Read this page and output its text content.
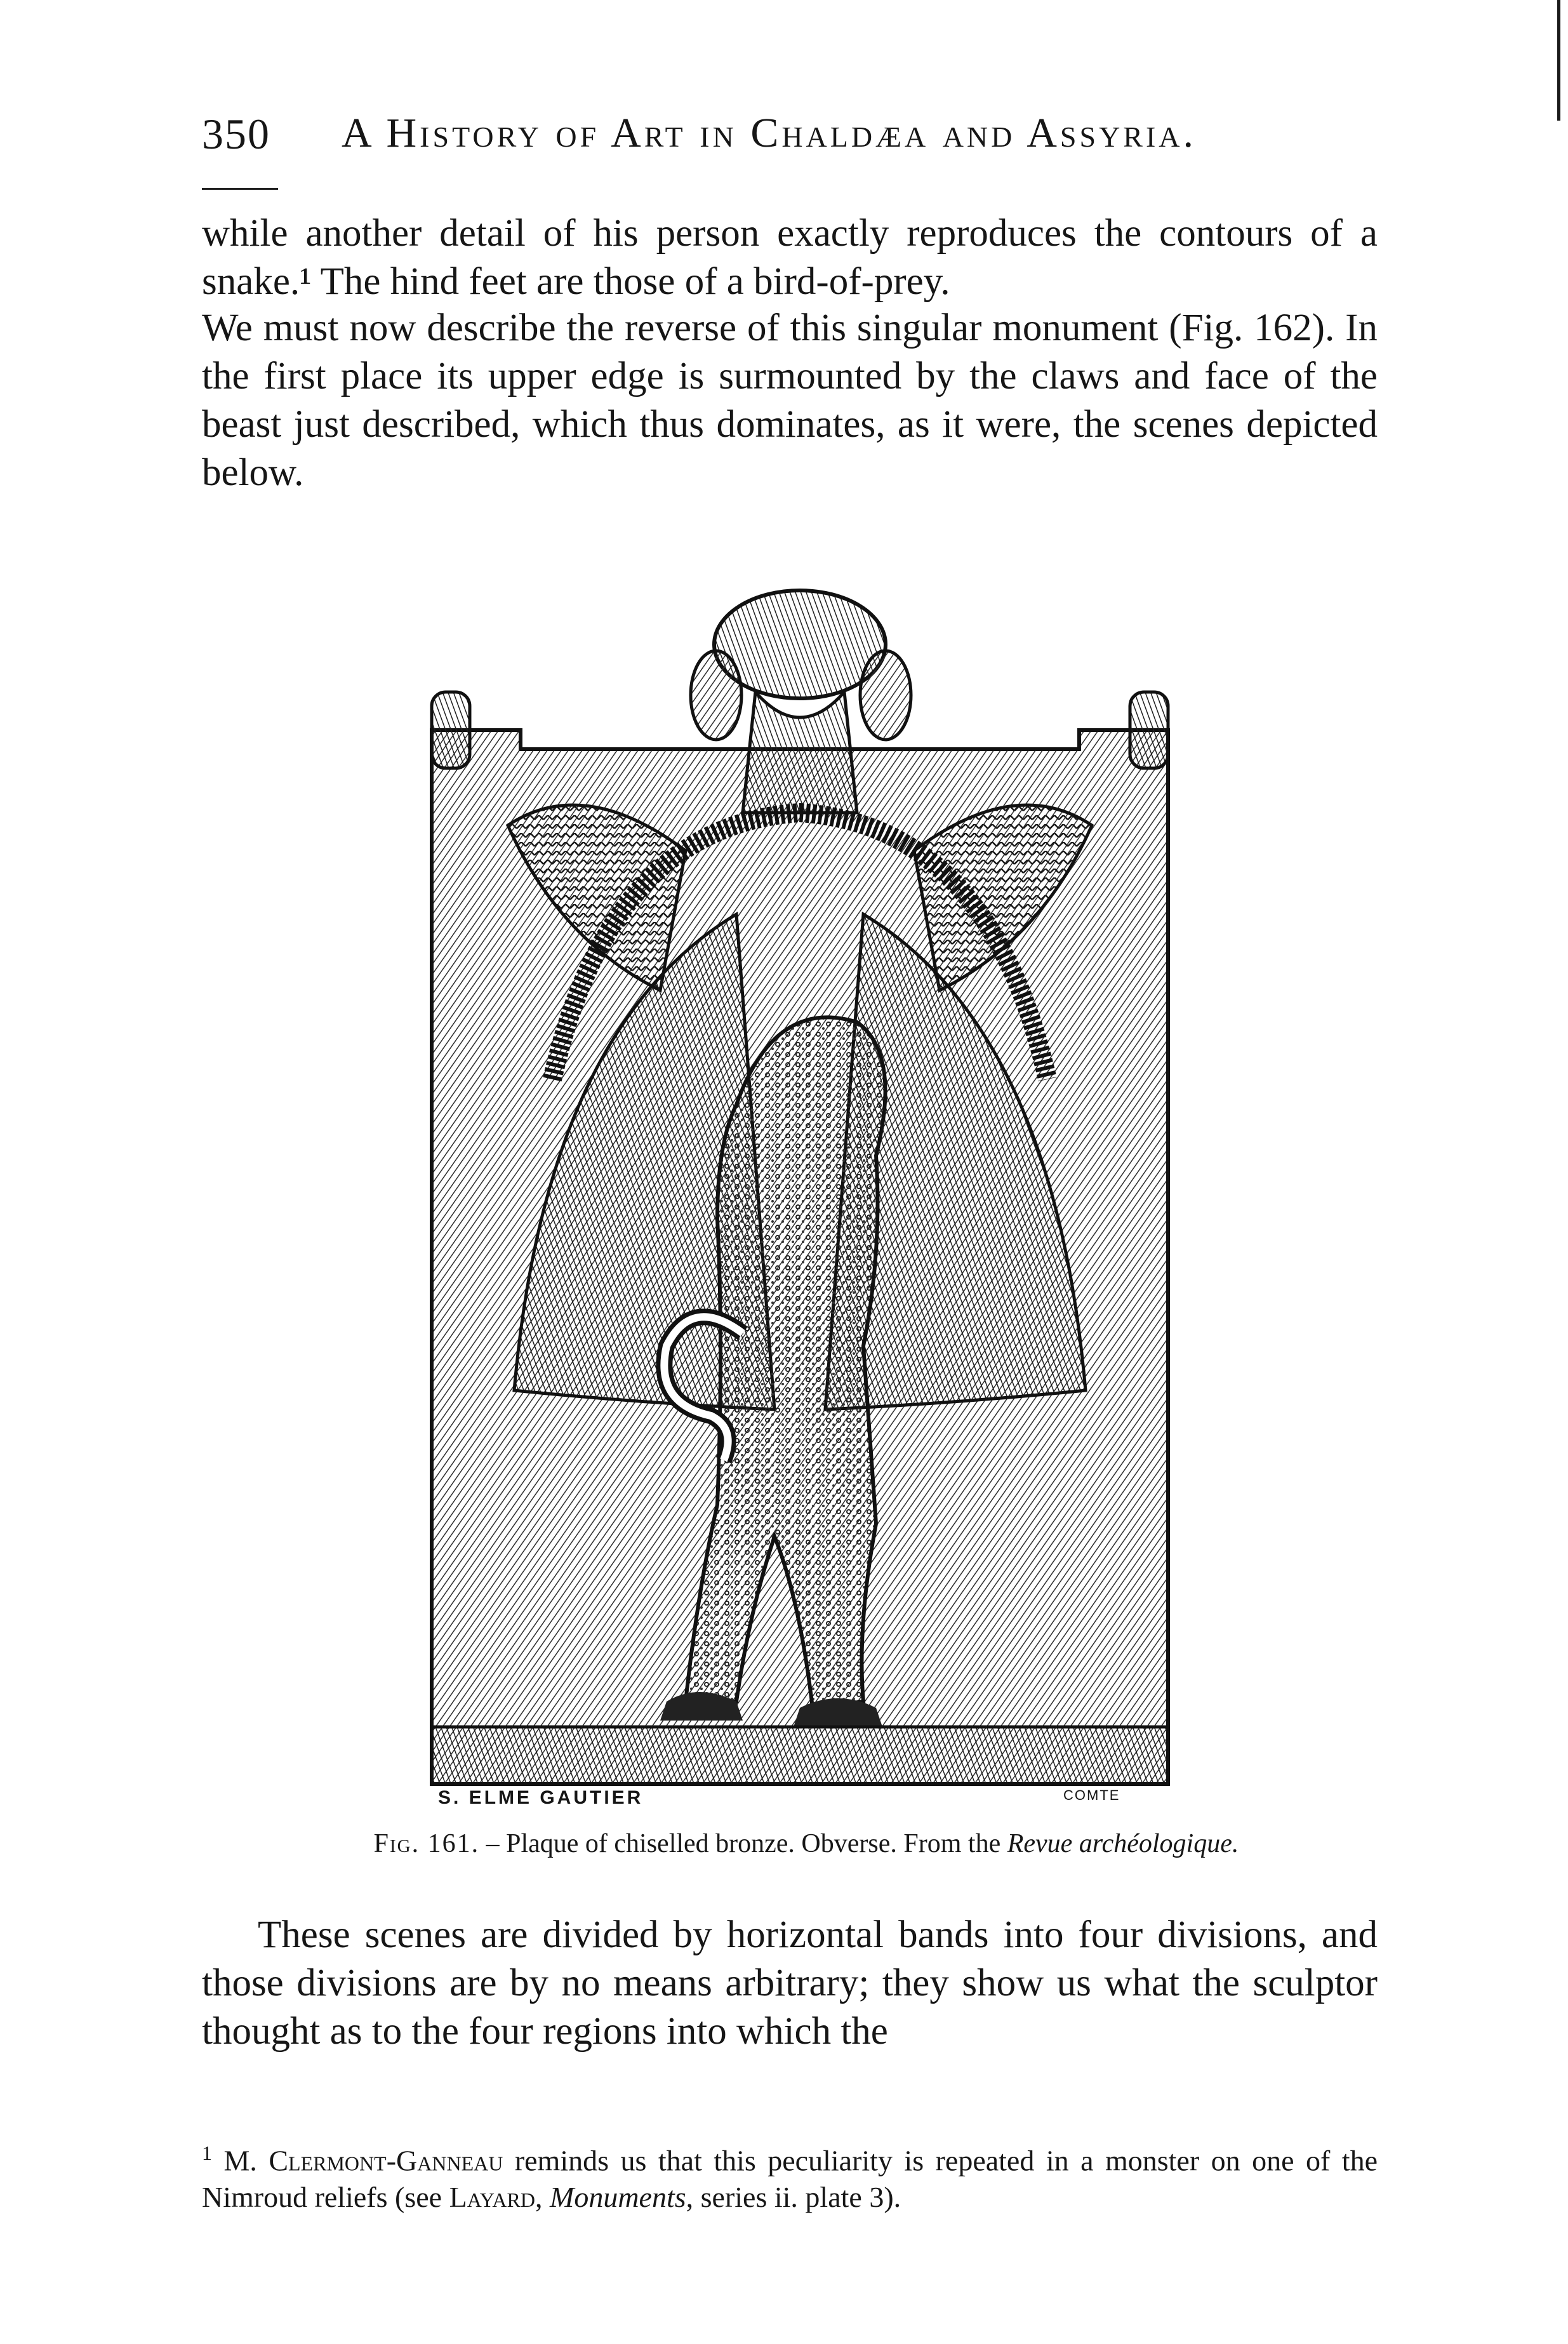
350 A History of Art in Chaldæa and Assyria.

while another detail of his person exactly reproduces the contours of a snake.¹ The hind feet are those of a bird-of-prey.

We must now describe the reverse of this singular monument (Fig. 162). In the first place its upper edge is surmounted by the claws and face of the beast just described, which thus dominates, as it were, the scenes depicted below.

S. ELME GAUTIER	COMTE
Fig. 161. – Plaque of chiselled bronze. Obverse. From the Revue archéologique.

These scenes are divided by horizontal bands into four divisions, and those divisions are by no means arbitrary; they show us what the sculptor thought as to the four regions into which the

$^1$ M. Clermont-Ganneau reminds us that this peculiarity is repeated in a monster on one of the Nimroud reliefs (see Layard, Monuments, series ii. plate 3).
